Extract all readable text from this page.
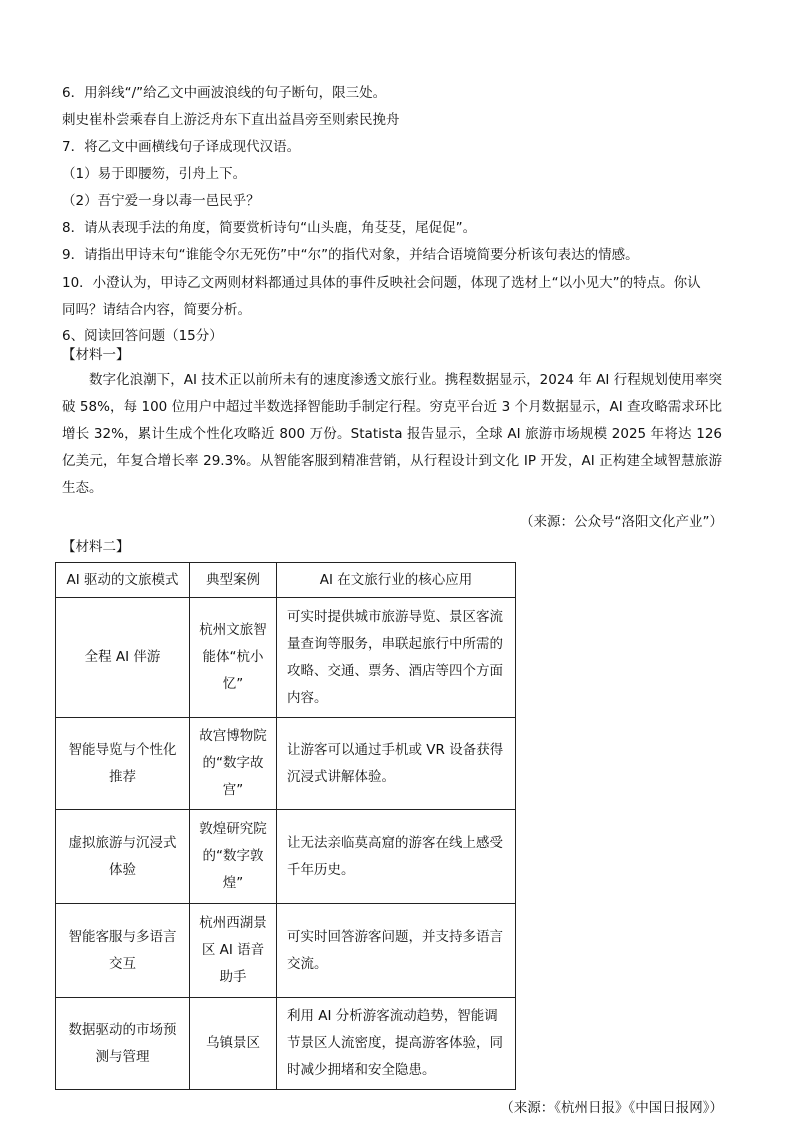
6．用斜线“/”给乙文中画波浪线的句子断句，限三处。
刺史崔朴尝乘春自上游泛舟东下直出益昌旁至则索民挽舟
7．将乙文中画横线句子译成现代汉语。
（1）易于即腰笏，引舟上下。
（2）吾宁爱一身以毒一邑民乎？
8．请从表现手法的角度，简要赏析诗句“山头鹿，角芟芟，尾促促”。
9．请指出甲诗末句“谁能令尔无死伤”中“尔”的指代对象，并结合语境简要分析该句表达的情感。
10．小澄认为，甲诗乙文两则材料都通过具体的事件反映社会问题，体现了选材上“以小见大”的特点。你认
同吗？请结合内容，简要分析。
6、阅读回答问题（15分）
【材料一】
数字化浪潮下，AI 技术正以前所未有的速度渗透文旅行业。携程数据显示，2024 年 AI 行程规划使用率突破 58%，每 100 位用户中超过半数选择智能助手制定行程。穷克平台近 3 个月数据显示，AI 查攻略需求环比增长 32%，累计生成个性化攻略近 800 万份。Statista 报告显示，全球 AI 旅游市场规模 2025 年将达 126 亿美元，年复合增长率 29.3%。从智能客服到精准营销，从行程设计到文化 IP 开发，AI 正构建全域智慧旅游生态。
（来源：公众号“洛阳文化产业”）
【材料二】
AI 驱动的文旅模式	典型案例	AI 在文旅行业的核心应用
全程 AI 伴游	杭州文旅智能体“杭小忆”	可实时提供城市旅游导览、景区客流量查询等服务，串联起旅行中所需的攻略、交通、票务、酒店等四个方面内容。
智能导览与个性化推荐	故宫博物院的“数字故宫”	让游客可以通过手机或 VR 设备获得沉浸式讲解体验。
虚拟旅游与沉浸式体验	敦煌研究院的“数字敦煌”	让无法亲临莫高窟的游客在线上感受千年历史。
智能客服与多语言交互	杭州西湖景区 AI 语音助手	可实时回答游客问题，并支持多语言交流。
数据驱动的市场预测与管理	乌镇景区	利用 AI 分析游客流动趋势，智能调节景区人流密度，提高游客体验，同时减少拥堵和安全隐患。
（来源：《杭州日报》《中国日报网》）
